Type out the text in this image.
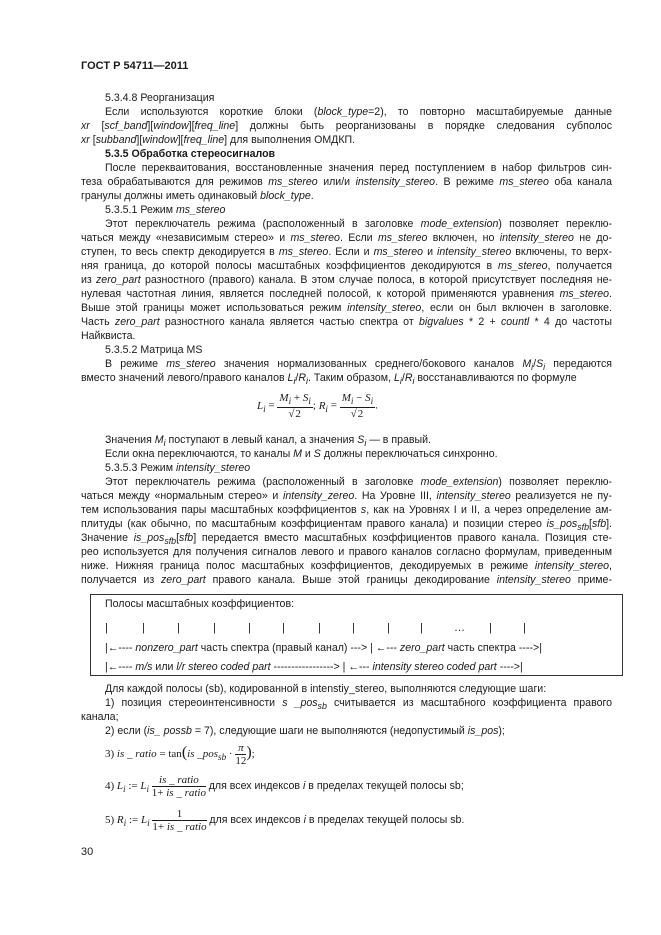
ГОСТ Р 54711—2011
5.3.4.8 Реорганизация
Если используются короткие блоки (block_type=2), то повторно масштабируемые данные
xr [scf_band][window][freq_line] должны быть реорганизованы в порядке следования субполос
xr [subband][window][freq_line] для выполнения ОМДКП.
5.3.5 Обработка стереосигналов
После перекваитования, восстановленные значения перед поступлением в набор фильтров син-
теза обрабатываются для режимов ms_stereo или/и instensity_stereo. В режиме ms_stereo оба канала
гранулы должны иметь одинаковый block_type.
5.3.5.1 Режим ms_stereo
Этот переключатель режима (расположенный в заголовке mode_extension) позволяет переклю-
чаться между «независимым стерео» и ms_stereo. Если ms_stereo включен, но intensity_stereo не до-
ступен, то весь спектр декодируется в ms_stereo. Если и ms_stereo и intensity_stereo включены, то верх-
няя граница, до которой полосы масштабных коэффициентов декодируются в ms_stereo, получается
из zero_part разностного (правого) канала. В этом случае полоса, в которой присутствует последняя не-
нулевая частотная линия, является последней полосой, к которой применяются уравнения ms_stereo.
Выше этой границы может использоваться режим intensity_stereo, если он был включен в заголовке.
Часть zero_part разностного канала является частью спектра от bigvalues * 2 + countl * 4 до частоты
Найквиста.
5.3.5.2 Матрица MS
В режиме ms_stereo значения нормализованных среднего/бокового каналов $M_i/S_i$ передаются
вместо значений левого/правого каналов $L_i/R_i$. Таким образом, $L_i/R_i$ восстанавливаются по формуле
$L_i = \frac{M_i + S_i}{√2}$ ; $R_i = \frac{M_i - S_i}{√2}$ .
Значения $M_i$ поступают в левый канал, а значения $S_i$ — в правый.
Если окна переключаются, то каналы M и S должны переключаться синхронно.
5.3.5.3 Режим intensity_stereo
Этот переключатель режима (расположенный в заголовке mode_extension) позволяет переклю-
чаться между «нормальным стерео» и intensity_zereo. На Уровне III, intensity_stereo реализуется не пу-
тем использования пары масштабных коэффициентов s, как на Уровнях I и II, а через определение ам-
плитуды (как обычно, по масштабным коэффициентам правого канала) и позиции стерео is_pos$_{sfb}$[sfb].
Значение is_pos$_{sfb}$[sfb] передается вместо масштабных коэффициентов правого канала. Позиция сте-
рео используется для получения сигналов левого и правого каналов согласно формулам, приведенным
ниже. Нижняя граница полос масштабных коэффициентов, декодируемых в режиме intensity_stereo,
получается из zero_part правого канала. Выше этой границы декодирование intensity_stereo приме-
Полосы масштабных коэффициентов:
|	|	|	|	|	|	|	|	|	|	… |	|
|←---- nonzero_part часть спектра (правый канал) ---> | ←--- zero_part часть спектра ---->|
|←---- m/s или l/r stereo coded part -----------------> | ←--- intensity stereo coded part ---->|
Для каждой полосы (sb), кодированной в intenstiy_stereo, выполняются следующие шаги:
1) позиция стереоинтенсивности s _pos$_{sb}$ считывается из масштабного коэффициента правого
канала;
2) если (is_ possb = 7), следующие шаги не выполняются (недопустимый is_pos);
3) is _ ratio = tan(is _pos$_{sb}$ · $\frac{\pi}{12}$ );
4) $L_i$ := $L_i \frac{\text{is \_ ratio}}{\text{1+ is \_ ratio}}$ для всех индексов i в пределах текущей полосы sb;
5) $R_i$ := $L_i \frac{1}{\text{1+ is \_ ratio}}$ для всех индексов i в пределах текущей полосы sb.
30
